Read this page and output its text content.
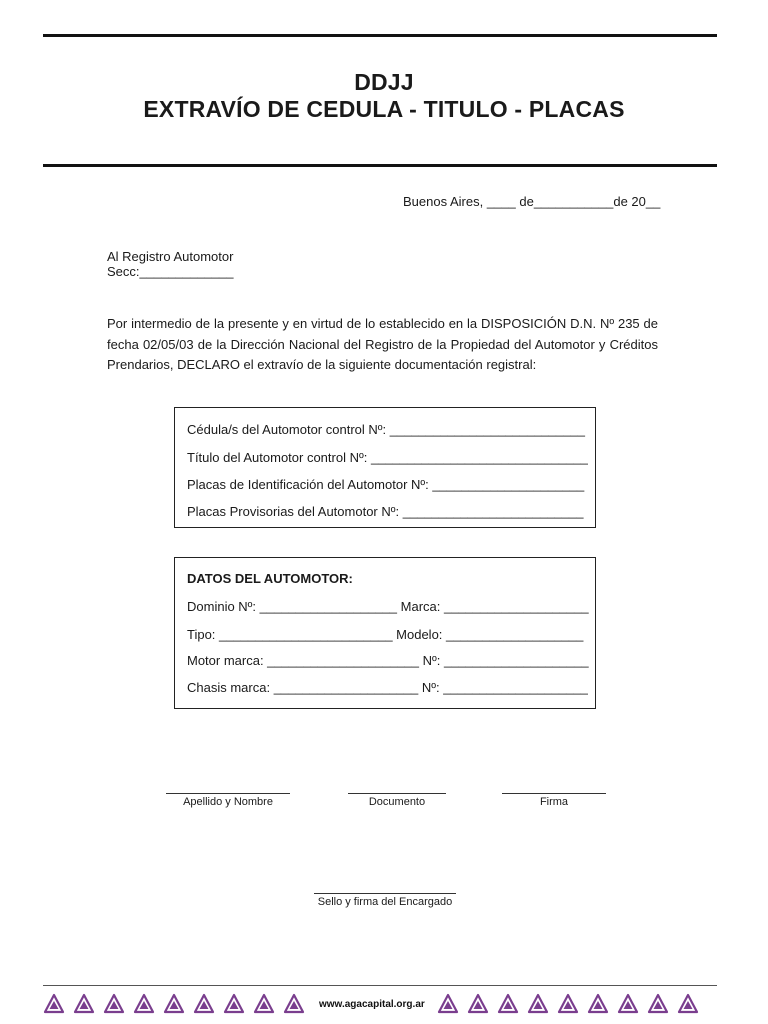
DDJJ
EXTRAVÍO DE CEDULA - TITULO - PLACAS
Buenos Aires, ____ de___________de 20__
Al Registro Automotor
Secc:_____________
Por intermedio de la presente y en virtud de lo establecido en la DISPOSICIÓN D.N. Nº 235 de fecha 02/05/03 de la Dirección Nacional del Registro de la Propiedad del Automotor y Créditos Prendarios, DECLARO el extravío de la siguiente documentación registral:
Cédula/s del Automotor control Nº: ___________________________
Título del Automotor control Nº: ______________________________
Placas de Identificación del Automotor Nº: _____________________
Placas Provisorias del Automotor Nº: _________________________
DATOS DEL AUTOMOTOR:
Dominio Nº: ___________________ Marca: ____________________
Tipo: ________________________ Modelo: ___________________
Motor marca: _____________________ Nº: ____________________
Chasis marca: ____________________ Nº: ____________________
Apellido y Nombre	Documento	Firma
Sello y firma del Encargado
www.agacapital.org.ar
